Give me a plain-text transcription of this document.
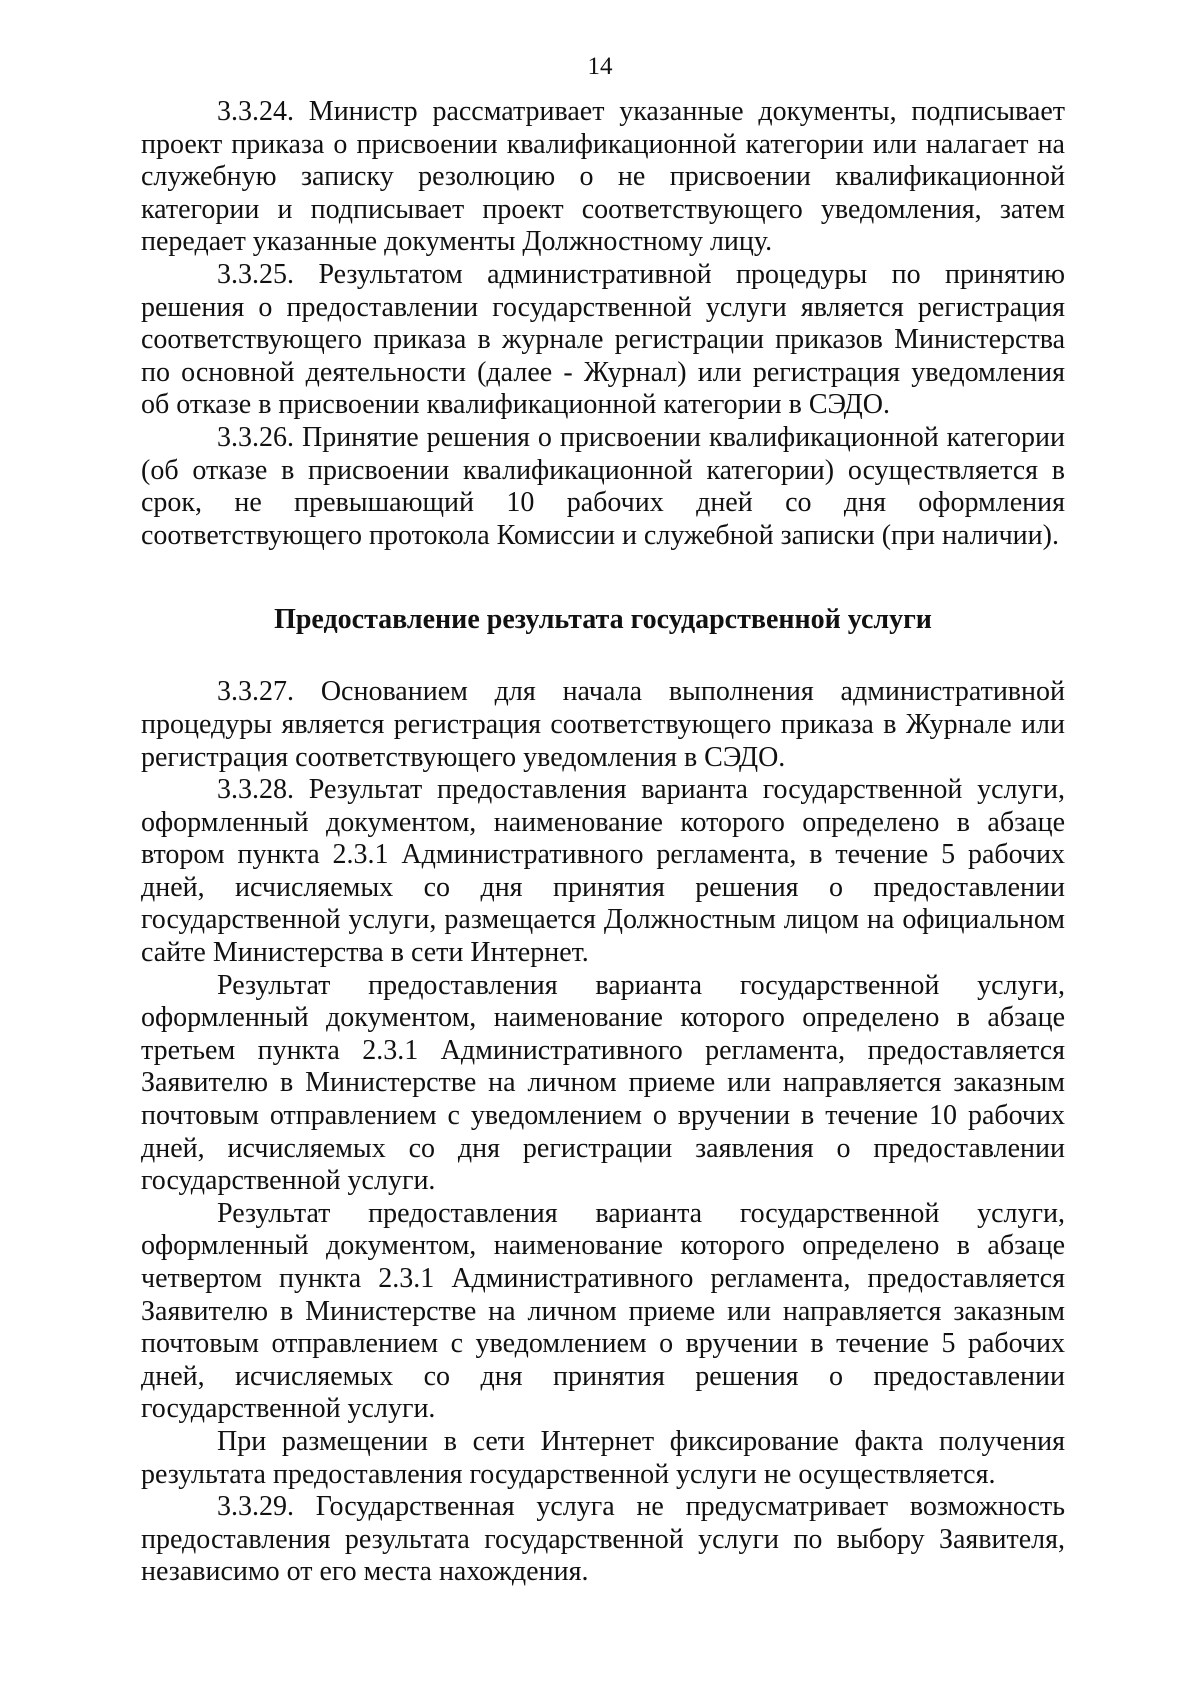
14

3.3.24. Министр рассматривает указанные документы, подписывает проект приказа о присвоении квалификационной категории или налагает на служебную записку резолюцию о не присвоении квалификационной категории и подписывает проект соответствующего уведомления, затем передает указанные документы Должностному лицу.

3.3.25. Результатом административной процедуры по принятию решения о предоставлении государственной услуги является регистрация соответствующего приказа в журнале регистрации приказов Министерства по основной деятельности (далее - Журнал) или регистрация уведомления об отказе в присвоении квалификационной категории в СЭДО.

3.3.26. Принятие решения о присвоении квалификационной категории (об отказе в присвоении квалификационной категории) осуществляется в срок, не превышающий 10 рабочих дней со дня оформления соответствующего протокола Комиссии и служебной записки (при наличии).

Предоставление результата государственной услуги

3.3.27. Основанием для начала выполнения административной процедуры является регистрация соответствующего приказа в Журнале или регистрация соответствующего уведомления в СЭДО.

3.3.28. Результат предоставления варианта государственной услуги, оформленный документом, наименование которого определено в абзаце втором пункта 2.3.1 Административного регламента, в течение 5 рабочих дней, исчисляемых со дня принятия решения о предоставлении государственной услуги, размещается Должностным лицом на официальном сайте Министерства в сети Интернет.

Результат предоставления варианта государственной услуги, оформленный документом, наименование которого определено в абзаце третьем пункта 2.3.1 Административного регламента, предоставляется Заявителю в Министерстве на личном приеме или направляется заказным почтовым отправлением с уведомлением о вручении в течение 10 рабочих дней, исчисляемых со дня регистрации заявления о предоставлении государственной услуги.

Результат предоставления варианта государственной услуги, оформленный документом, наименование которого определено в абзаце четвертом пункта 2.3.1 Административного регламента, предоставляется Заявителю в Министерстве на личном приеме или направляется заказным почтовым отправлением с уведомлением о вручении в течение 5 рабочих дней, исчисляемых со дня принятия решения о предоставлении государственной услуги.

При размещении в сети Интернет фиксирование факта получения результата предоставления государственной услуги не осуществляется.

3.3.29. Государственная услуга не предусматривает возможность предоставления результата государственной услуги по выбору Заявителя, независимо от его места нахождения.
